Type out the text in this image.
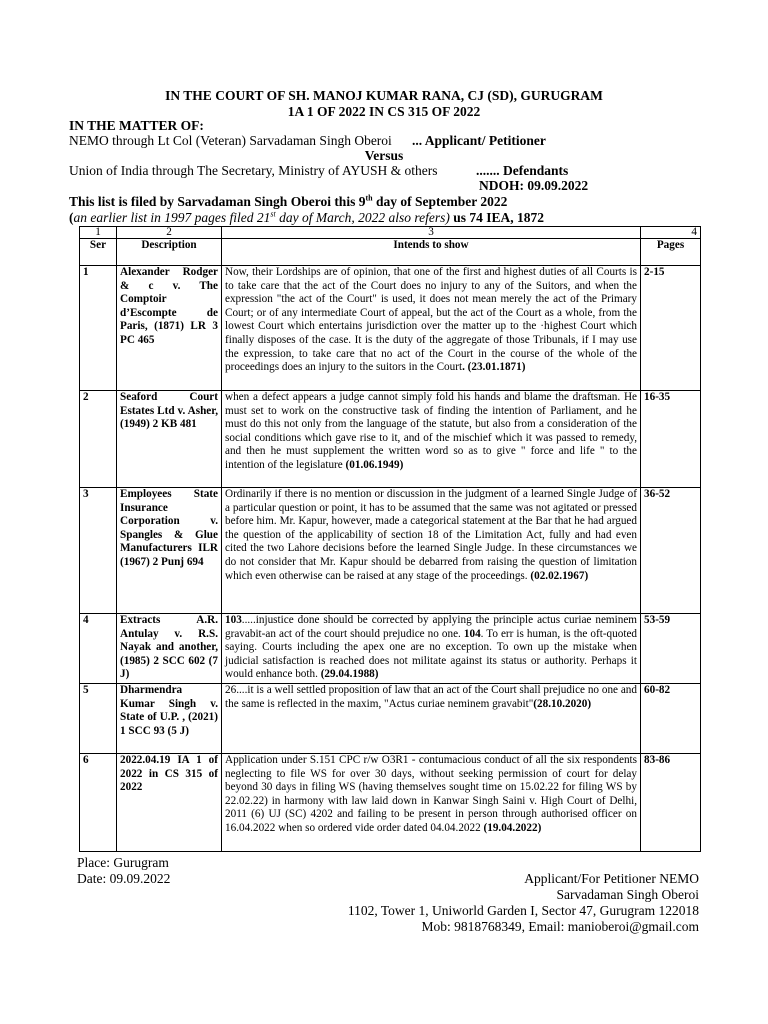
IN THE COURT OF SH. MANOJ KUMAR RANA, CJ (SD), GURUGRAM
1A 1 OF 2022 IN CS 315 OF 2022
IN THE MATTER OF:
NEMO through Lt Col (Veteran) Sarvadaman Singh Oberoi ... Applicant/ Petitioner
Versus
Union of India through The Secretary, Ministry of AYUSH & others	....... Defendants
NDOH: 09.09.2022
This list is filed by Sarvadaman Singh Oberoi this 9th day of September 2022
(an earlier list in 1997 pages filed 21st day of March, 2022 also refers) us 74 IEA, 1872
1	2	3	4
Ser	Description	Intends to show	Pages
1	Alexander Rodger & c v. The Comptoir d’Escompte de Paris, (1871) LR 3 PC 465	Now, their Lordships are of opinion, that one of the first and highest duties of all Courts is to take care that the act of the Court does no injury to any of the Suitors, and when the expression "the act of the Court" is used, it does not mean merely the act of the Primary Court; or of any intermediate Court of appeal, but the act of the Court as a whole, from the lowest Court which entertains jurisdiction over the matter up to the ·highest Court which finally disposes of the case. It is the duty of the aggregate of those Tribunals, if I may use the expression, to take care that no act of the Court in the course of the whole of the proceedings does an injury to the suitors in the Court. (23.01.1871)	2-15
2	Seaford Court Estates Ltd v. Asher, (1949) 2 KB 481	when a defect appears a judge cannot simply fold his hands and blame the draftsman. He must set to work on the constructive task of finding the intention of Parliament, and he must do this not only from the language of the statute, but also from a consideration of the social conditions which gave rise to it, and of the mischief which it was passed to remedy, and then he must supplement the written word so as to give " force and life " to the intention of the legislature (01.06.1949)	16-35
3	Employees State Insurance Corporation v. Spangles & Glue Manufacturers ILR (1967) 2 Punj 694	Ordinarily if there is no mention or discussion in the judgment of a learned Single Judge of a particular question or point, it has to be assumed that the same was not agitated or pressed before him. Mr. Kapur, however, made a categorical statement at the Bar that he had argued the question of the applicability of section 18 of the Limitation Act, fully and had even cited the two Lahore decisions before the learned Single Judge. In these circumstances we do not consider that Mr. Kapur should be debarred from raising the question of limitation which even otherwise can be raised at any stage of the proceedings. (02.02.1967)	36-52
4	Extracts A.R. Antulay v. R.S. Nayak and another, (1985) 2 SCC 602 (7 J)	103.....injustice done should be corrected by applying the principle actus curiae neminem gravabit-an act of the court should prejudice no one. 104. To err is human, is the oft-quoted saying. Courts including the apex one are no exception. To own up the mistake when judicial satisfaction is reached does not militate against its status or authority. Perhaps it would enhance both. (29.04.1988)	53-59
5	Dharmendra Kumar Singh v. State of U.P. , (2021) 1 SCC 93 (5 J)	26....it is a well settled proposition of law that an act of the Court shall prejudice no one and the same is reflected in the maxim, "Actus curiae neminem gravabit"(28.10.2020)	60-82
6	2022.04.19 IA 1 of 2022 in CS 315 of 2022	Application under S.151 CPC r/w O3R1 - contumacious conduct of all the six respondents neglecting to file WS for over 30 days, without seeking permission of court for delay beyond 30 days in filing WS (having themselves sought time on 15.02.22 for filing WS by 22.02.22) in harmony with law laid down in Kanwar Singh Saini v. High Court of Delhi, 2011 (6) UJ (SC) 4202 and failing to be present in person through authorised officer on 16.04.2022 when so ordered vide order dated 04.04.2022 (19.04.2022)	83-86
Place: Gurugram
Date: 09.09.2022	Applicant/For Petitioner NEMO
Sarvadaman Singh Oberoi
1102, Tower 1, Uniworld Garden I, Sector 47, Gurugram 122018
Mob: 9818768349, Email: manioberoi@gmail.com
